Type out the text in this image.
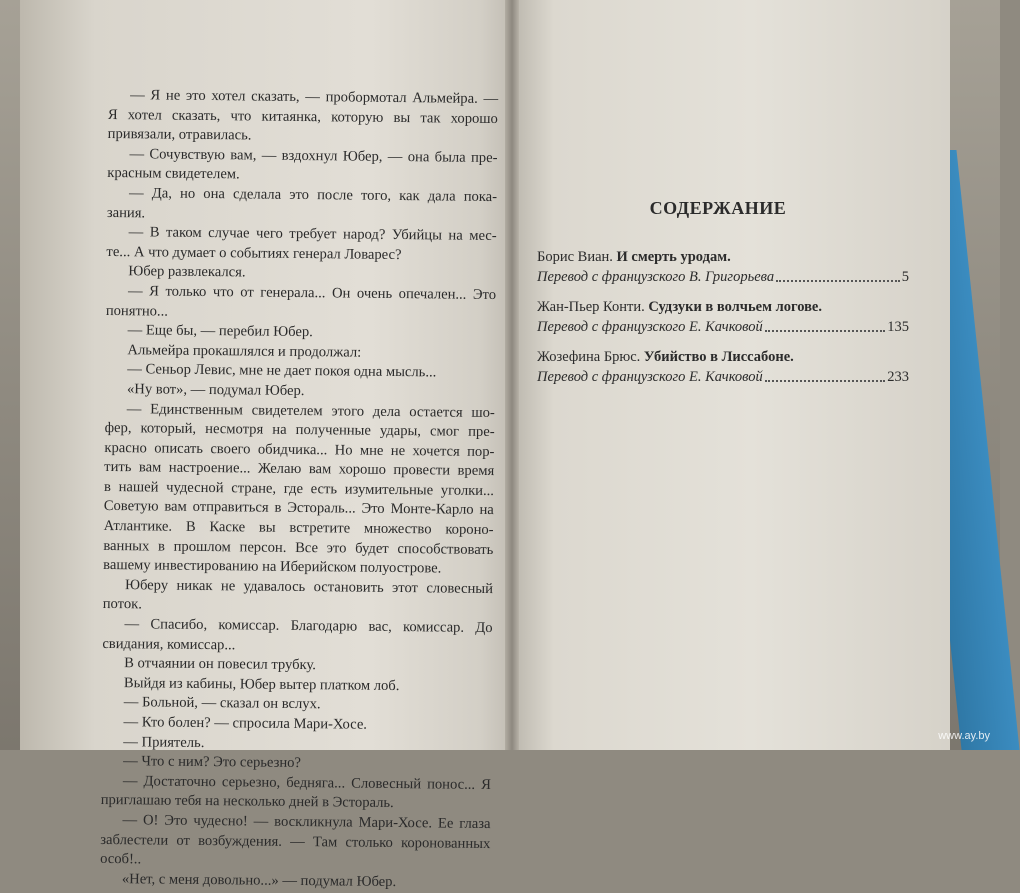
— Я не это хотел сказать, — пробормотал Альмейра. —
Я хотел сказать, что китаянка, которую вы так хорошо
привязали, отравилась.
— Сочувствую вам, — вздохнул Юбер, — она была пре-
красным свидетелем.
— Да, но она сделала это после того, как дала пока-
зания.
— В таком случае чего требует народ? Убийцы на мес-
те... А что думает о событиях генерал Ловарес?
Юбер развлекался.
— Я только что от генерала... Он очень опечален... Это
понятно...
— Еще бы, — перебил Юбер.
Альмейра прокашлялся и продолжал:
— Сеньор Левис, мне не дает покоя одна мысль...
«Ну вот», — подумал Юбер.
— Единственным свидетелем этого дела остается шо-
фер, который, несмотря на полученные удары, смог пре-
красно описать своего обидчика... Но мне не хочется пор-
тить вам настроение... Желаю вам хорошо провести время
в нашей чудесной стране, где есть изумительные уголки...
Советую вам отправиться в Эстораль... Это Монте-Карло на
Атлантике. В Каске вы встретите множество короно-
ванных в прошлом персон. Все это будет способствовать
вашему инвестированию на Иберийском полуострове.
Юберу никак не удавалось остановить этот словесный
поток.
— Спасибо, комиссар. Благодарю вас, комиссар. До
свидания, комиссар...
В отчаянии он повесил трубку.
Выйдя из кабины, Юбер вытер платком лоб.
— Больной, — сказал он вслух.
— Кто болен? — спросила Мари-Хосе.
— Приятель.
— Что с ним? Это серьезно?
— Достаточно серьезно, бедняга... Словесный понос... Я
приглашаю тебя на несколько дней в Эстораль.
— О! Это чудесно! — воскликнула Мари-Хосе. Ее глаза
заблестели от возбуждения. — Там столько коронованных
особ!..
«Нет, с меня довольно...» — подумал Юбер.
СОДЕРЖАНИЕ
Борис Виан. И смерть уродам.
Перевод с французского В. Григорьева	5
Жан-Пьер Конти. Судзуки в волчьем логове.
Перевод с французского Е. Качковой	135
Жозефина Брюс. Убийство в Лиссабоне.
Перевод с французского Е. Качковой	233
www.ay.by
